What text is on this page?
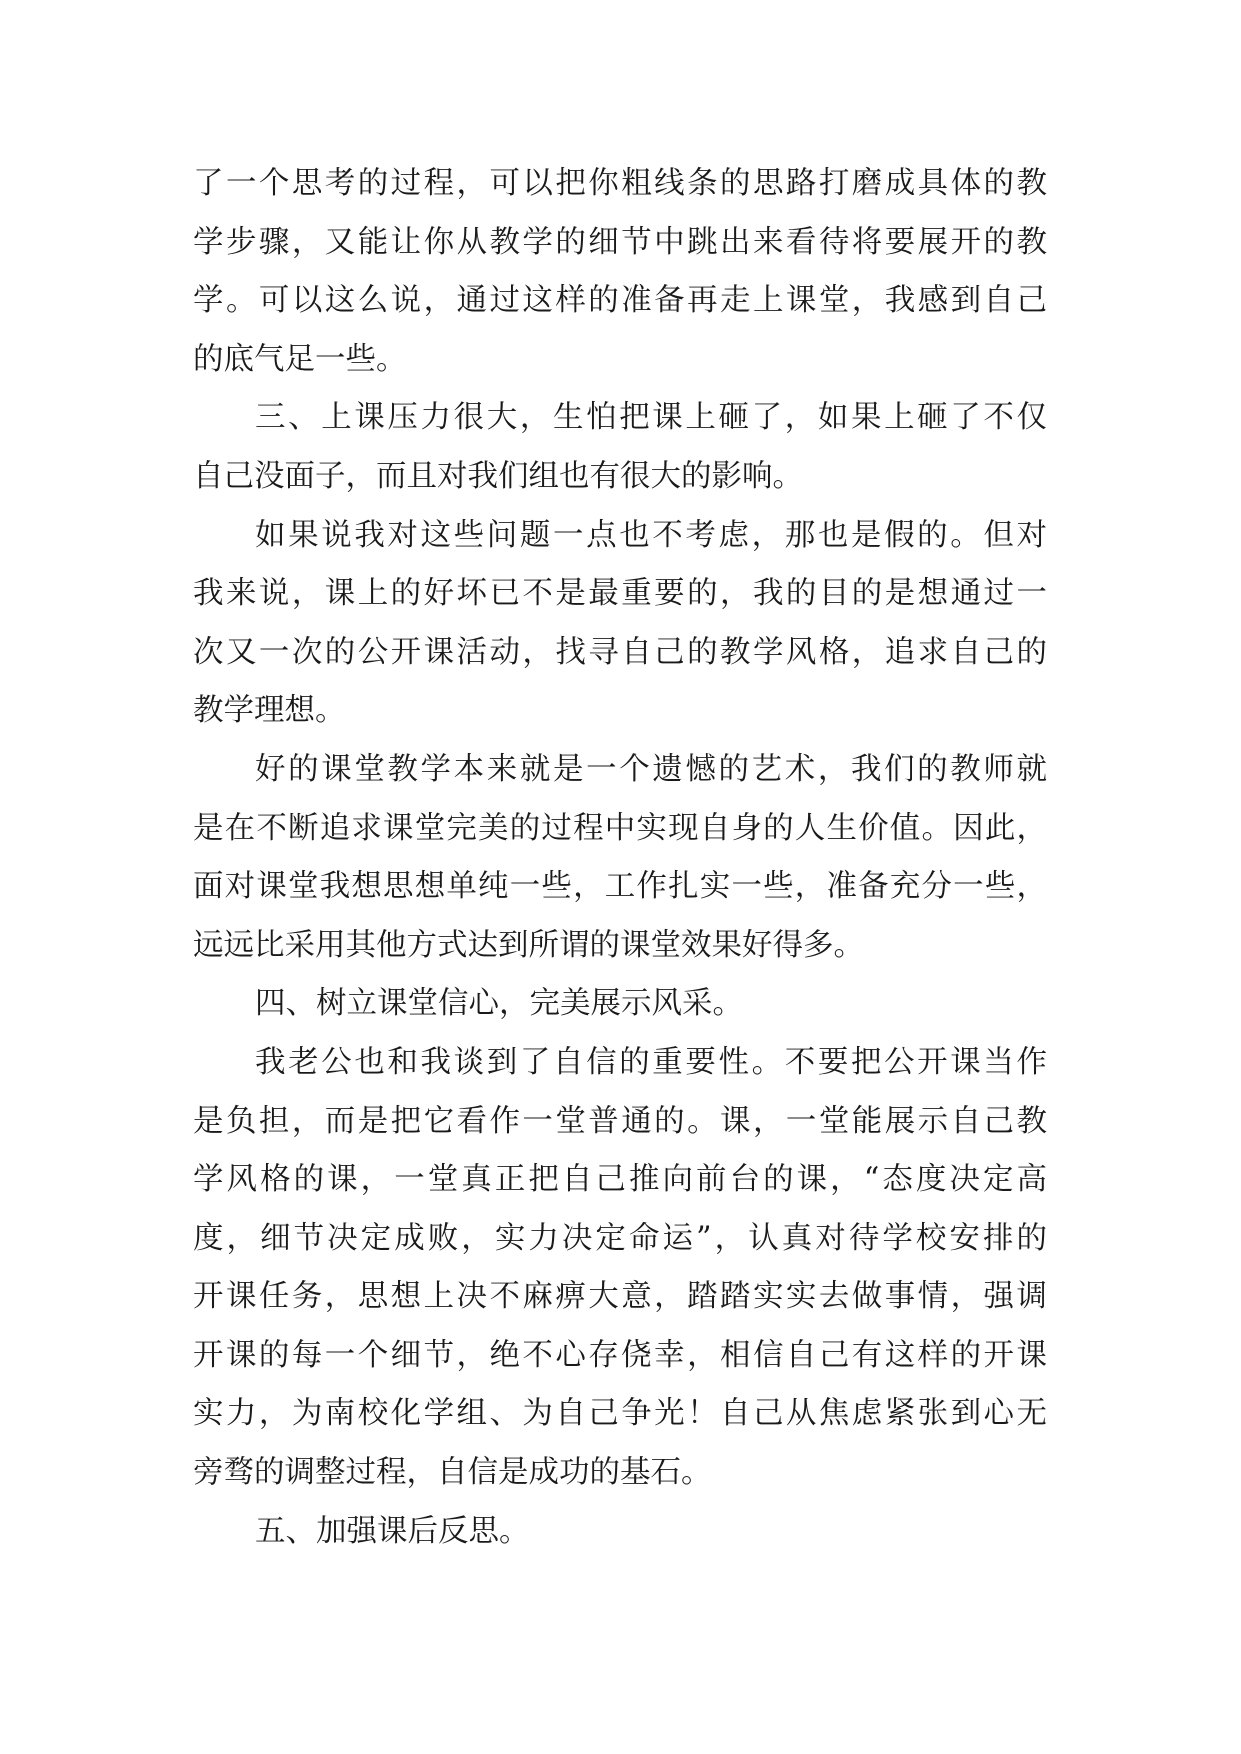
了一个思考的过程，可以把你粗线条的思路打磨成具体的教
学步骤，又能让你从教学的细节中跳出来看待将要展开的教
学。可以这么说，通过这样的准备再走上课堂，我感到自己
的底气足一些。
三、上课压力很大，生怕把课上砸了，如果上砸了不仅
自己没面子，而且对我们组也有很大的影响。
如果说我对这些问题一点也不考虑，那也是假的。但对
我来说，课上的好坏已不是最重要的，我的目的是想通过一
次又一次的公开课活动，找寻自己的教学风格，追求自己的
教学理想。
好的课堂教学本来就是一个遗憾的艺术，我们的教师就
是在不断追求课堂完美的过程中实现自身的人生价值。因此，
面对课堂我想思想单纯一些，工作扎实一些，准备充分一些，
远远比采用其他方式达到所谓的课堂效果好得多。
四、树立课堂信心，完美展示风采。
我老公也和我谈到了自信的重要性。不要把公开课当作
是负担，而是把它看作一堂普通的。课，一堂能展示自己教
学风格的课，一堂真正把自己推向前台的课，“态度决定高
度，细节决定成败，实力决定命运”，认真对待学校安排的
开课任务，思想上决不麻痹大意，踏踏实实去做事情，强调
开课的每一个细节，绝不心存侥幸，相信自己有这样的开课
实力，为南校化学组、为自己争光！自己从焦虑紧张到心无
旁骛的调整过程，自信是成功的基石。
五、加强课后反思。
